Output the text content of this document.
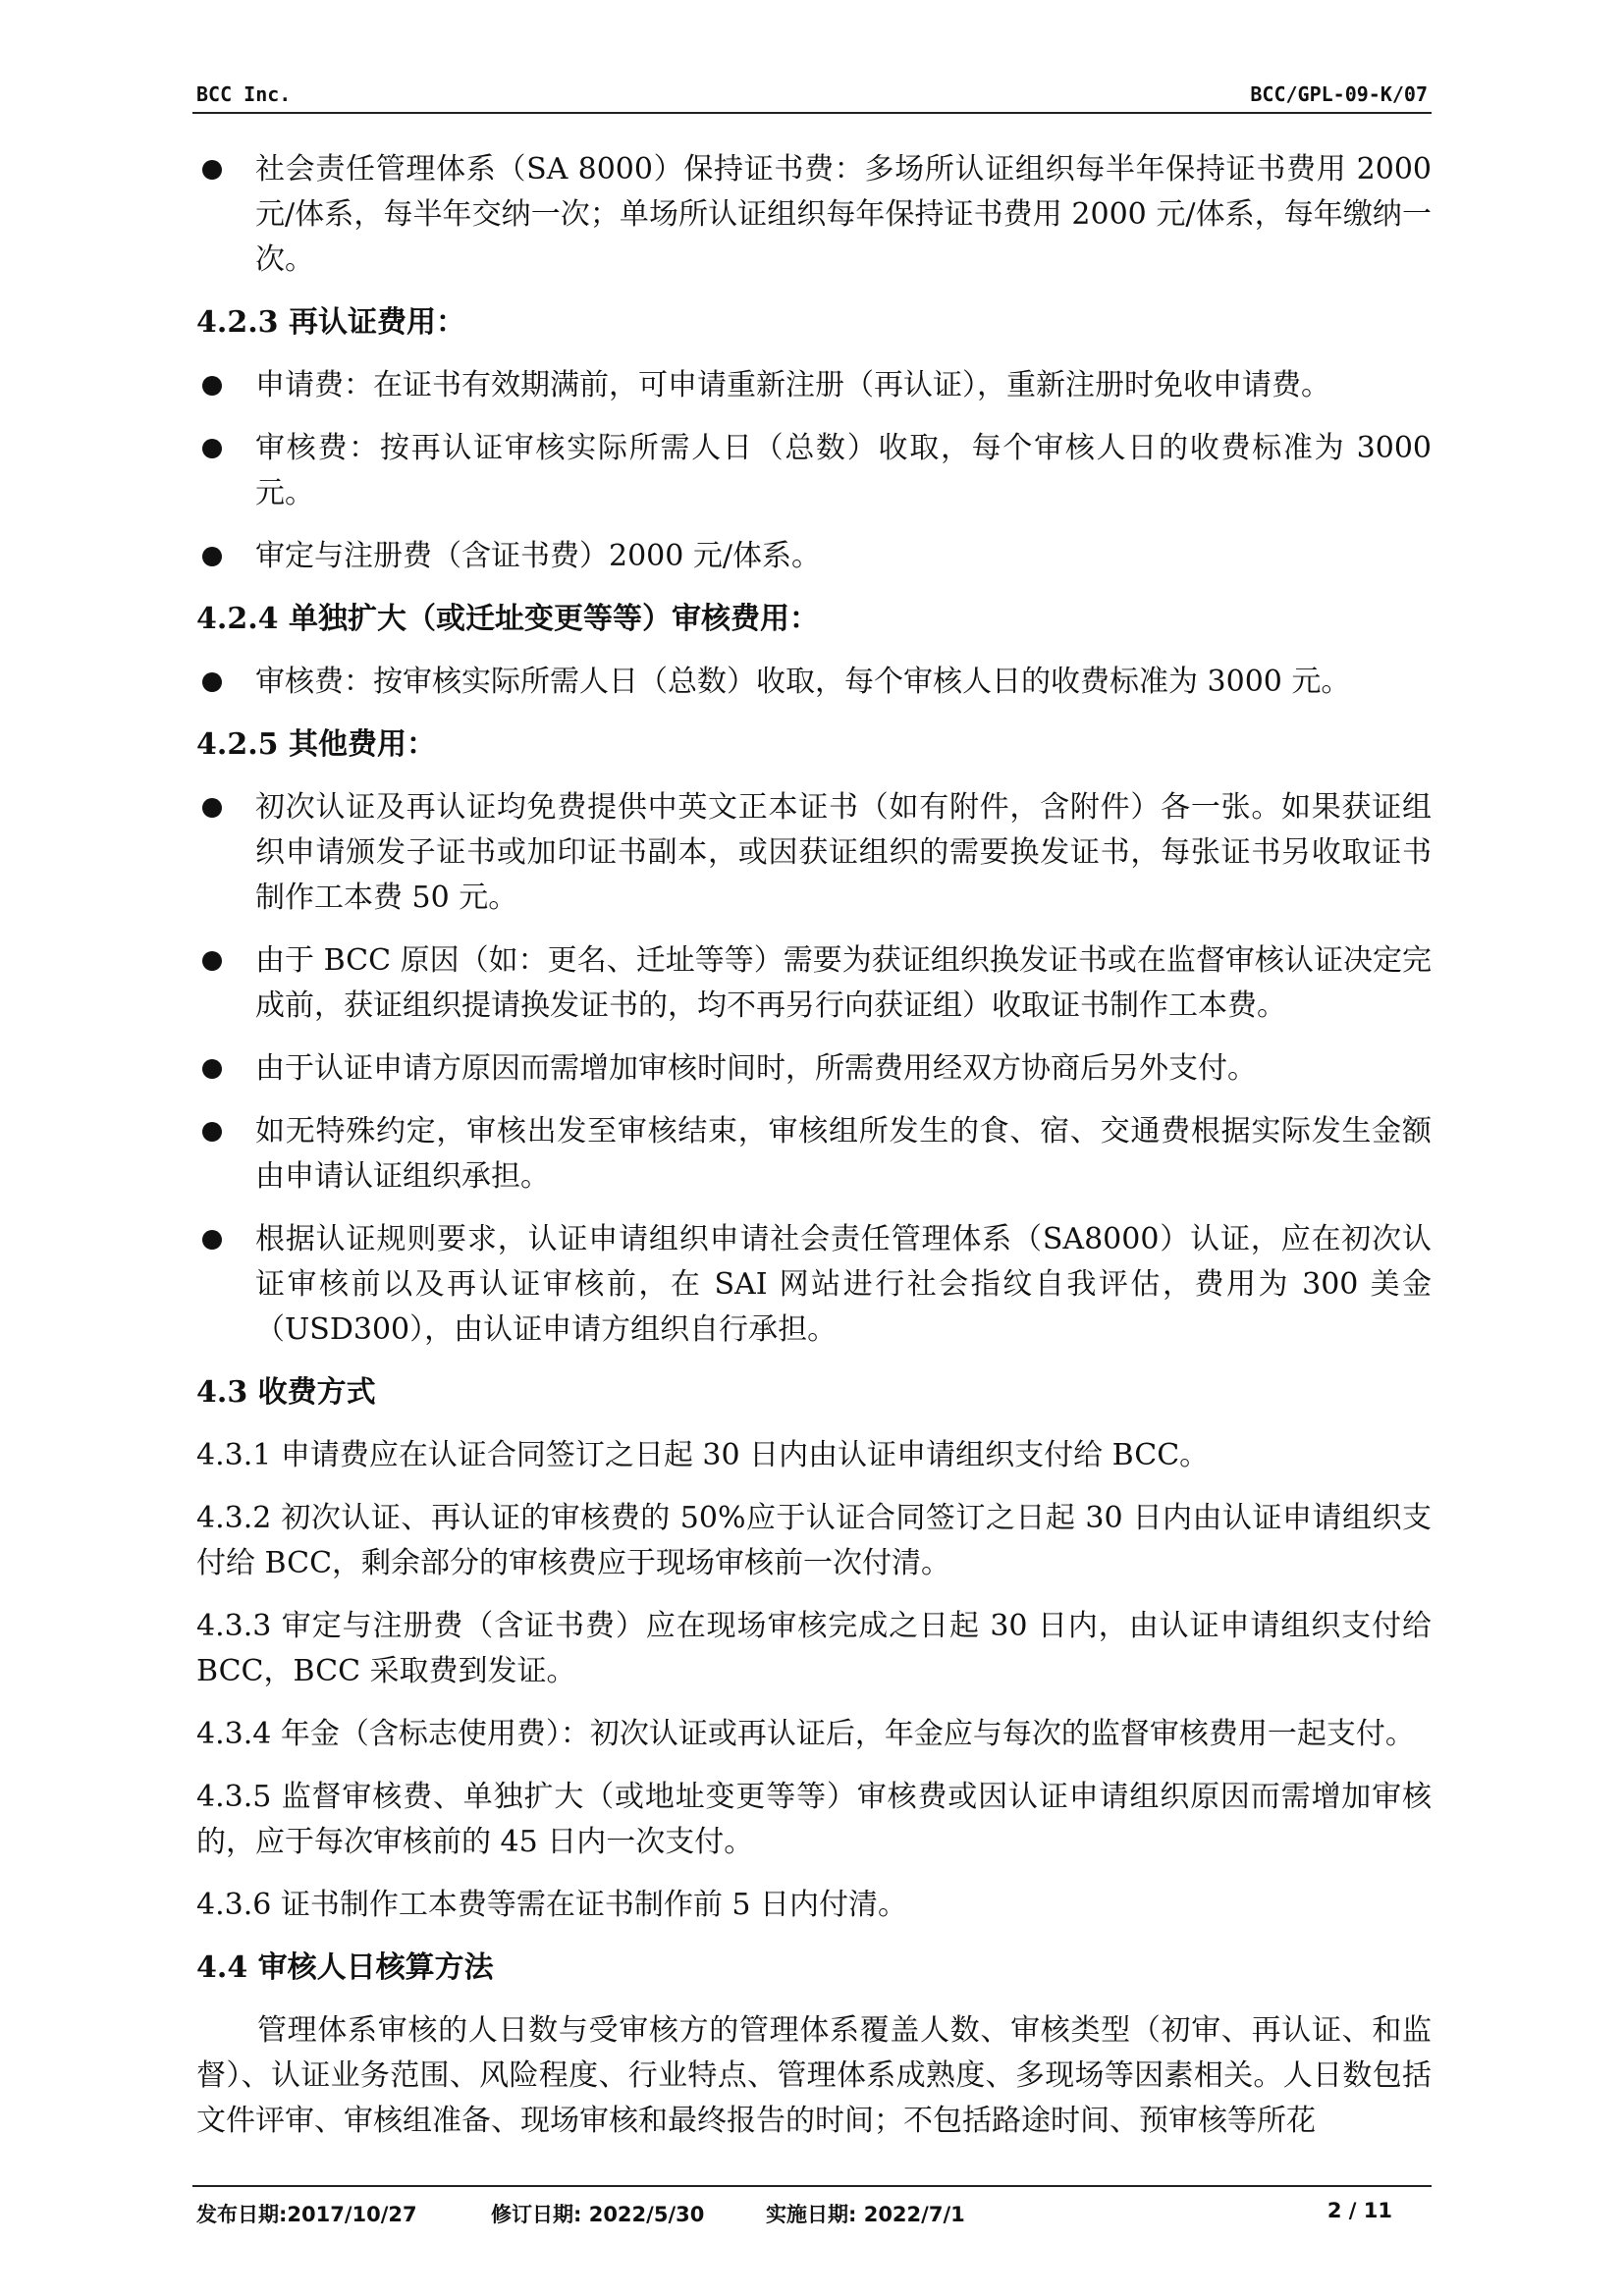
BCC Inc.	BCC/GPL-09-K/07
社会责任管理体系（SA 8000）保持证书费：多场所认证组织每半年保持证书费用 2000 元/体系，每半年交纳一次；单场所认证组织每年保持证书费用 2000 元/体系，每年缴纳一次。
4.2.3 再认证费用：
申请费：在证书有效期满前，可申请重新注册（再认证），重新注册时免收申请费。
审核费：按再认证审核实际所需人日（总数）收取，每个审核人日的收费标准为 3000 元。
审定与注册费（含证书费）2000 元/体系。
4.2.4 单独扩大（或迁址变更等等）审核费用：
审核费：按审核实际所需人日（总数）收取，每个审核人日的收费标准为 3000 元。
4.2.5 其他费用：
初次认证及再认证均免费提供中英文正本证书（如有附件，含附件）各一张。如果获证组织申请颁发子证书或加印证书副本，或因获证组织的需要换发证书，每张证书另收取证书制作工本费 50 元。
由于 BCC 原因（如：更名、迁址等等）需要为获证组织换发证书或在监督审核认证决定完成前，获证组织提请换发证书的，均不再另行向获证组）收取证书制作工本费。
由于认证申请方原因而需增加审核时间时，所需费用经双方协商后另外支付。
如无特殊约定，审核出发至审核结束，审核组所发生的食、宿、交通费根据实际发生金额由申请认证组织承担。
根据认证规则要求，认证申请组织申请社会责任管理体系（SA8000）认证，应在初次认证审核前以及再认证审核前，在 SAI 网站进行社会指纹自我评估，费用为 300 美金（USD300），由认证申请方组织自行承担。
4.3 收费方式
4.3.1 申请费应在认证合同签订之日起 30 日内由认证申请组织支付给 BCC。
4.3.2 初次认证、再认证的审核费的 50%应于认证合同签订之日起 30 日内由认证申请组织支付给 BCC，剩余部分的审核费应于现场审核前一次付清。
4.3.3 审定与注册费（含证书费）应在现场审核完成之日起 30 日内，由认证申请组织支付给 BCC，BCC 采取费到发证。
4.3.4 年金（含标志使用费）：初次认证或再认证后，年金应与每次的监督审核费用一起支付。
4.3.5 监督审核费、单独扩大（或地址变更等等）审核费或因认证申请组织原因而需增加审核的，应于每次审核前的 45 日内一次支付。
4.3.6 证书制作工本费等需在证书制作前 5 日内付清。
4.4 审核人日核算方法
管理体系审核的人日数与受审核方的管理体系覆盖人数、审核类型（初审、再认证、和监督）、认证业务范围、风险程度、行业特点、管理体系成熟度、多现场等因素相关。人日数包括文件评审、审核组准备、现场审核和最终报告的时间；不包括路途时间、预审核等所花
发布日期:2017/10/27	修订日期: 2022/5/30	实施日期: 2022/7/1	2 / 11
